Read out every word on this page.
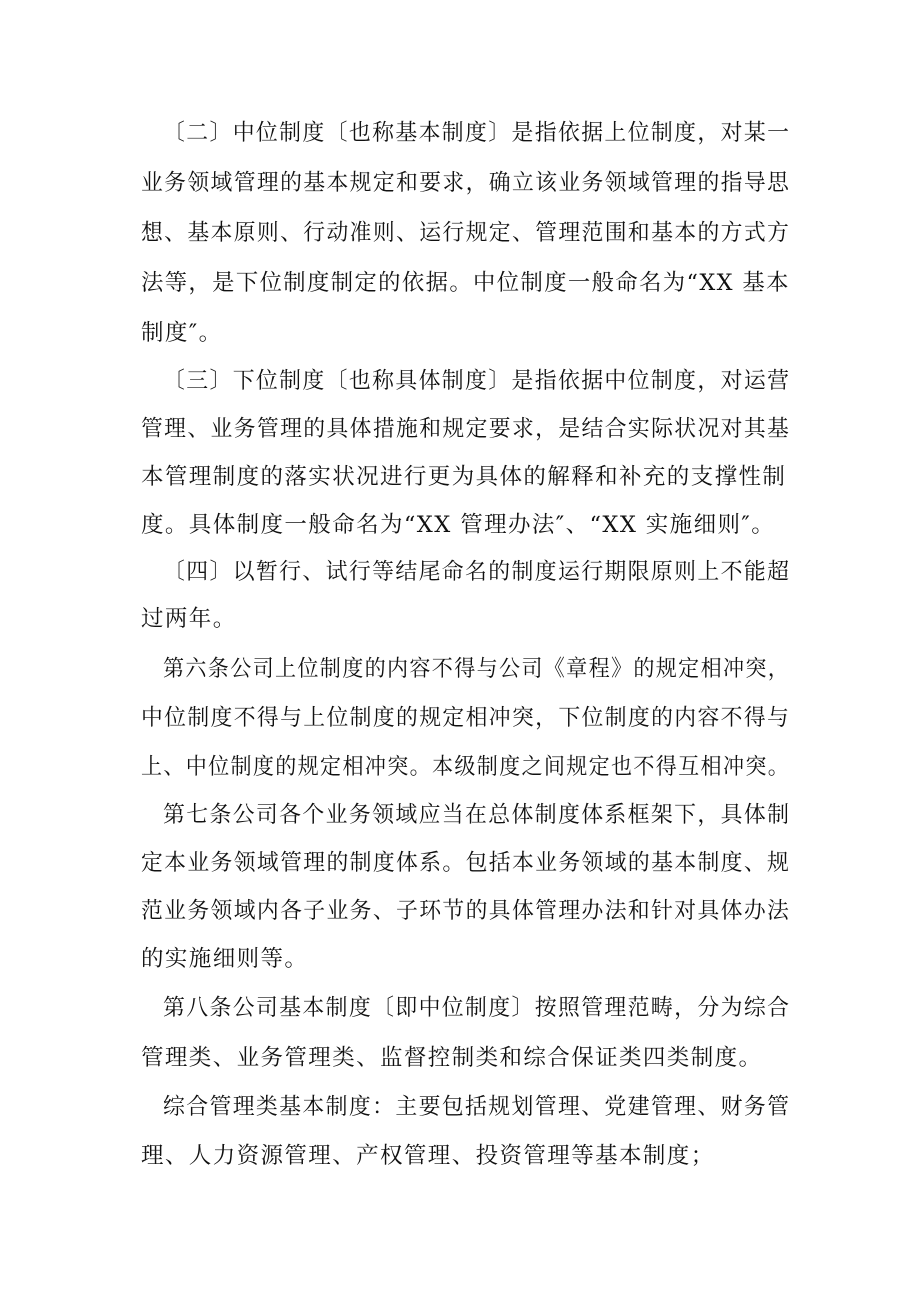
〔二〕中位制度〔也称基本制度〕是指依据上位制度，对某一
业务领域管理的基本规定和要求，确立该业务领域管理的指导思
想、基本原则、行动准则、运行规定、管理范围和基本的方式方
法等，是下位制度制定的依据。中位制度一般命名为“XX 基本
制度″。
〔三〕下位制度〔也称具体制度〕是指依据中位制度，对运营
管理、业务管理的具体措施和规定要求，是结合实际状况对其基
本管理制度的落实状况进行更为具体的解释和补充的支撑性制
度。具体制度一般命名为“XX 管理办法″、“XX 实施细则″。
〔四〕以暂行、试行等结尾命名的制度运行期限原则上不能超
过两年。
第六条公司上位制度的内容不得与公司《章程》的规定相冲突，
中位制度不得与上位制度的规定相冲突，下位制度的内容不得与
上、中位制度的规定相冲突。本级制度之间规定也不得互相冲突。
第七条公司各个业务领域应当在总体制度体系框架下，具体制
定本业务领域管理的制度体系。包括本业务领域的基本制度、规
范业务领域内各子业务、子环节的具体管理办法和针对具体办法
的实施细则等。
第八条公司基本制度〔即中位制度〕按照管理范畴，分为综合
管理类、业务管理类、监督控制类和综合保证类四类制度。
综合管理类基本制度：主要包括规划管理、党建管理、财务管
理、人力资源管理、产权管理、投资管理等基本制度；
